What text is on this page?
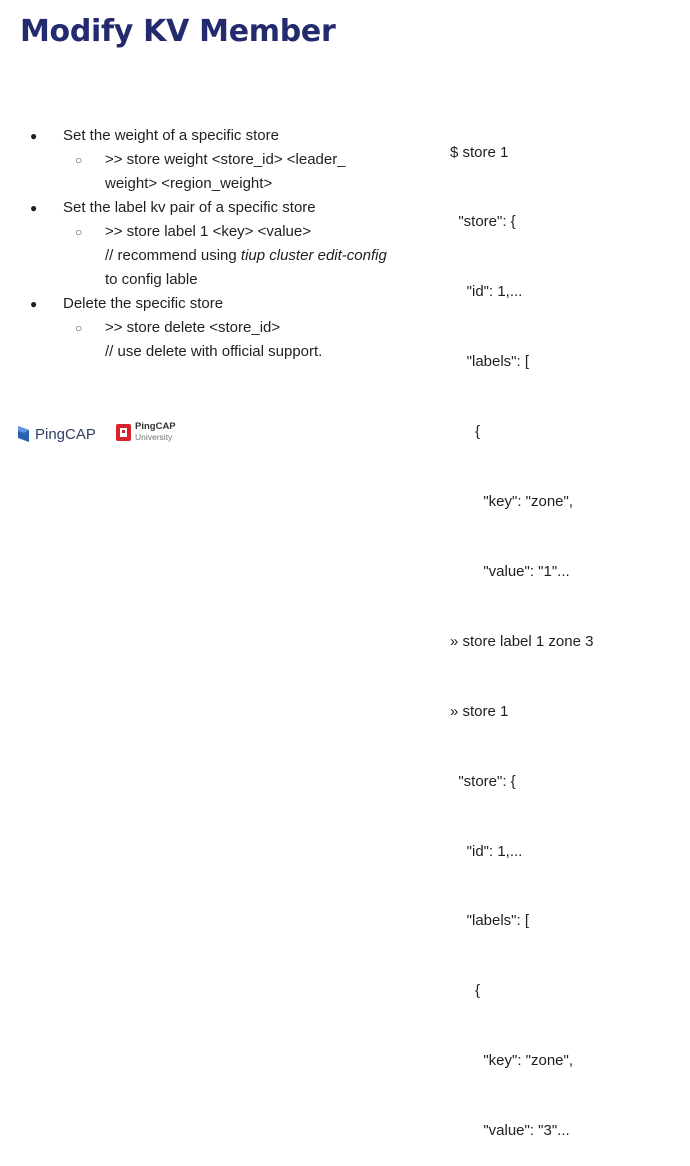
Modify KV Member
● Set the weight of a specific store
○ >> store weight <store_id> <leader_
weight> <region_weight>
● Set the label kv pair of a specific store
○ >> store label 1 <key> <value>
// recommend using tiup cluster edit-config
to config lable
● Delete the specific store
○ >> store delete <store_id>
// use delete with official support.

$ store 1

"store": {

"id": 1,...

"labels": [

{

"key": "zone",

"value": "1"...

» store label 1 zone 3

» store 1

"store": {

"id": 1,...

"labels": [

{

"key": "zone",

"value": "3"...

PingCAP	PingCAP
University
